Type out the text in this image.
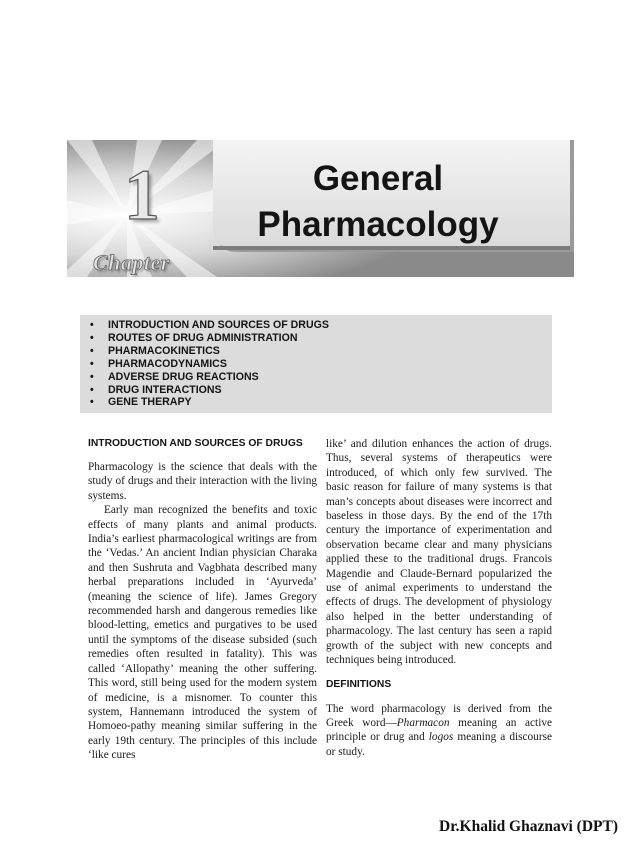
1
Chapter
General
Pharmacology
• INTRODUCTION AND SOURCES OF DRUGS
• ROUTES OF DRUG ADMINISTRATION
• PHARMACOKINETICS
• PHARMACODYNAMICS
• ADVERSE DRUG REACTIONS
• DRUG INTERACTIONS
• GENE THERAPY
INTRODUCTION AND SOURCES OF DRUGS

Pharmacology is the science that deals with the study of drugs and their interaction with the living systems.

Early man recognized the benefits and toxic effects of many plants and animal products. India’s earliest pharmacological writings are from the ‘Vedas.’ An ancient Indian physician Charaka and then Sushruta and Vagbhata described many herbal preparations included in ‘Ayurveda’ (meaning the science of life). James Gregory recommended harsh and dangerous remedies like blood-letting, emetics and purgatives to be used until the symptoms of the disease subsided (such remedies often resulted in fatality). This was called ‘Allopathy’ meaning the other suffering. This word, still being used for the modern system of medicine, is a misnomer. To counter this system, Hannemann introduced the system of Homoeo-pathy meaning similar suffering in the early 19th century. The principles of this include ‘like cures

like’ and dilution enhances the action of drugs. Thus, several systems of therapeutics were introduced, of which only few survived. The basic reason for failure of many systems is that man’s concepts about diseases were incorrect and baseless in those days. By the end of the 17th century the importance of experimentation and observation became clear and many physicians applied these to the traditional drugs. Francois Magendie and Claude-Bernard popularized the use of animal experiments to understand the effects of drugs. The development of physiology also helped in the better understanding of pharmacology. The last century has seen a rapid growth of the subject with new concepts and techniques being introduced.

DEFINITIONS

The word pharmacology is derived from the Greek word—Pharmacon meaning an active principle or drug and logos meaning a discourse or study.

Dr.Khalid Ghaznavi (DPT)
